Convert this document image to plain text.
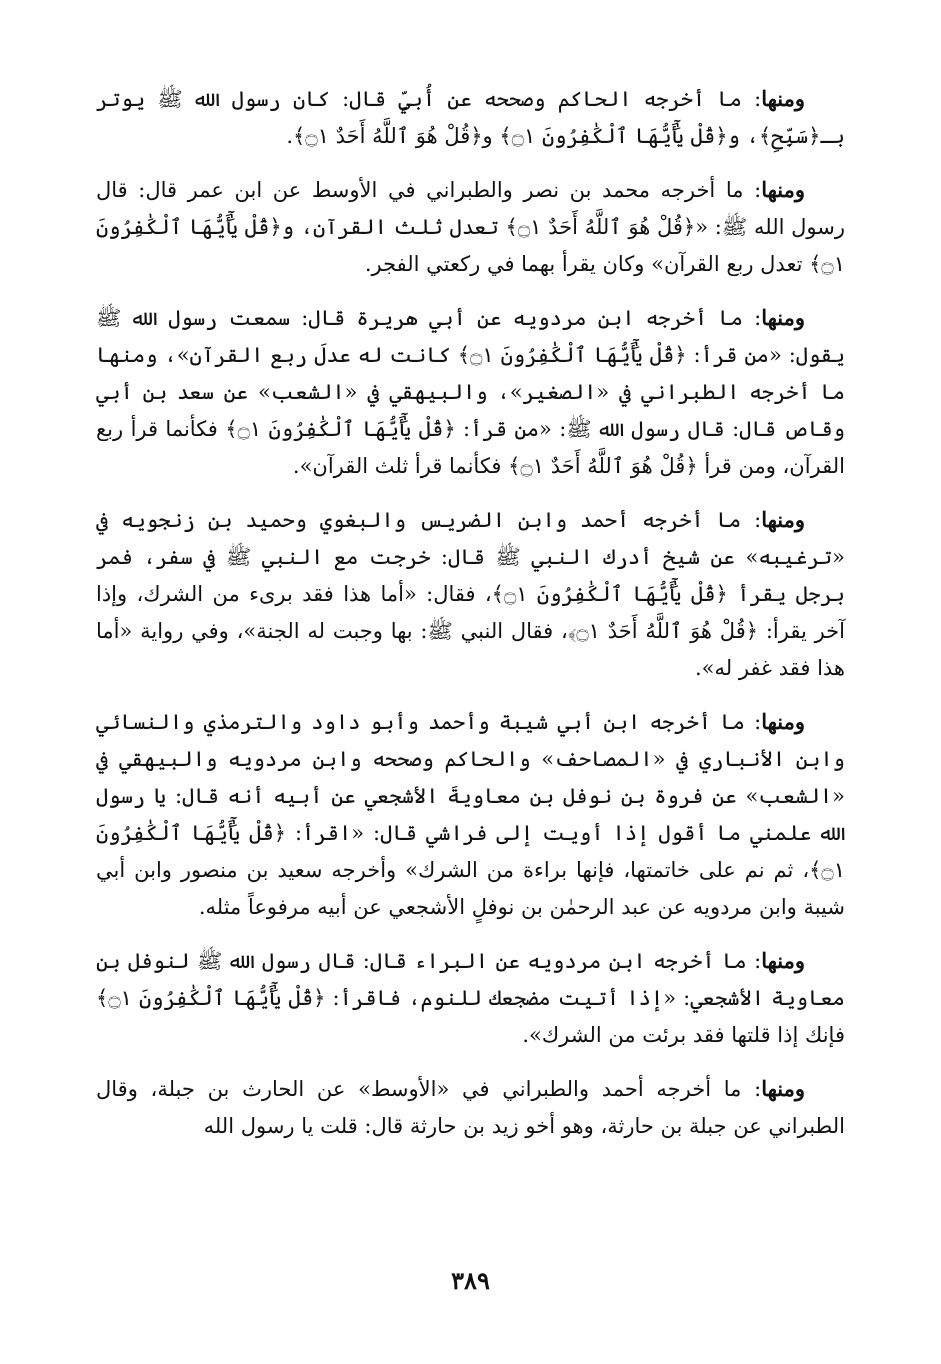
ومنها: ما أخرجه الحاكم وصححه عن أُبيٍّ قال: كان رسول الله ﷺ يوتر بـ﴿سَبِّحِ﴾، و﴿قُلْ يَٰٓأَيُّهَا ٱلْكَٰفِرُونَ ۝١﴾ و﴿قُلْ هُوَ ٱللَّهُ أَحَدٌ ۝١﴾.

ومنها: ما أخرجه محمد بن نصر والطبراني في الأوسط عن ابن عمر قال: قال رسول الله ﷺ: «﴿قُلْ هُوَ ٱللَّهُ أَحَدٌ ۝١﴾ تعدل ثلث القرآن، و﴿قُلْ يَٰٓأَيُّهَا ٱلْكَٰفِرُونَ ۝١﴾ تعدل ربع القرآن» وكان يقرأ بهما في ركعتي الفجر.

ومنها: ما أخرجه ابن مردويه عن أبي هريرة قال: سمعت رسول الله ﷺ يقول: «من قرأ: ﴿قُلْ يَٰٓأَيُّهَا ٱلْكَٰفِرُونَ ۝١﴾ كانت له عدلَ ربع القرآن»، ومنها ما أخرجه الطبراني في «الصغير»، والبيهقي في «الشعب» عن سعد بن أبي وقاص قال: قال رسول الله ﷺ: «من قرأ: ﴿قُلْ يَٰٓأَيُّهَا ٱلْكَٰفِرُونَ ۝١﴾ فكأنما قرأ ربع القرآن، ومن قرأ ﴿قُلْ هُوَ ٱللَّهُ أَحَدٌ ۝١﴾ فكأنما قرأ ثلث القرآن».

ومنها: ما أخرجه أحمد وابن الضريس والبغوي وحميد بن زنجويه في «ترغيبه» عن شيخ أدرك النبي ﷺ قال: خرجت مع النبي ﷺ في سفر، فمر برجل يقرأ ﴿قُلْ يَٰٓأَيُّهَا ٱلْكَٰفِرُونَ ۝١﴾، فقال: «أما هذا فقد برىء من الشرك، وإذا آخر يقرأ: ﴿قُلْ هُوَ ٱللَّهُ أَحَدٌ ۝١﴾، فقال النبي ﷺ: بها وجبت له الجنة»، وفي رواية «أما هذا فقد غفر له».

ومنها: ما أخرجه ابن أبي شيبة وأحمد وأبو داود والترمذي والنسائي وابن الأنباري في «المصاحف» والحاكم وصححه وابن مردويه والبيهقي في «الشعب» عن فروة بن نوفل بن معاويةَ الأشجعي عن أبيه أنه قال: يا رسول الله علمني ما أقول إذا أويت إلى فراشي قال: «اقرأ: ﴿قُلْ يَٰٓأَيُّهَا ٱلْكَٰفِرُونَ ۝١﴾، ثم نم على خاتمتها، فإنها براءة من الشرك» وأخرجه سعيد بن منصور وابن أبي شيبة وابن مردويه عن عبد الرحمٰن بن نوفلٍ الأشجعي عن أبيه مرفوعاً مثله.

ومنها: ما أخرجه ابن مردويه عن البراء قال: قال رسول الله ﷺ لنوفل بن معاوية الأشجعي: «إذا أتيت مضجعك للنوم، فاقرأ: ﴿قُلْ يَٰٓأَيُّهَا ٱلْكَٰفِرُونَ ۝١﴾ فإنك إذا قلتها فقد برئت من الشرك».

ومنها: ما أخرجه أحمد والطبراني في «الأوسط» عن الحارث بن جبلة، وقال الطبراني عن جبلة بن حارثة، وهو أخو زيد بن حارثة قال: قلت يا رسول الله

٣٨٩
